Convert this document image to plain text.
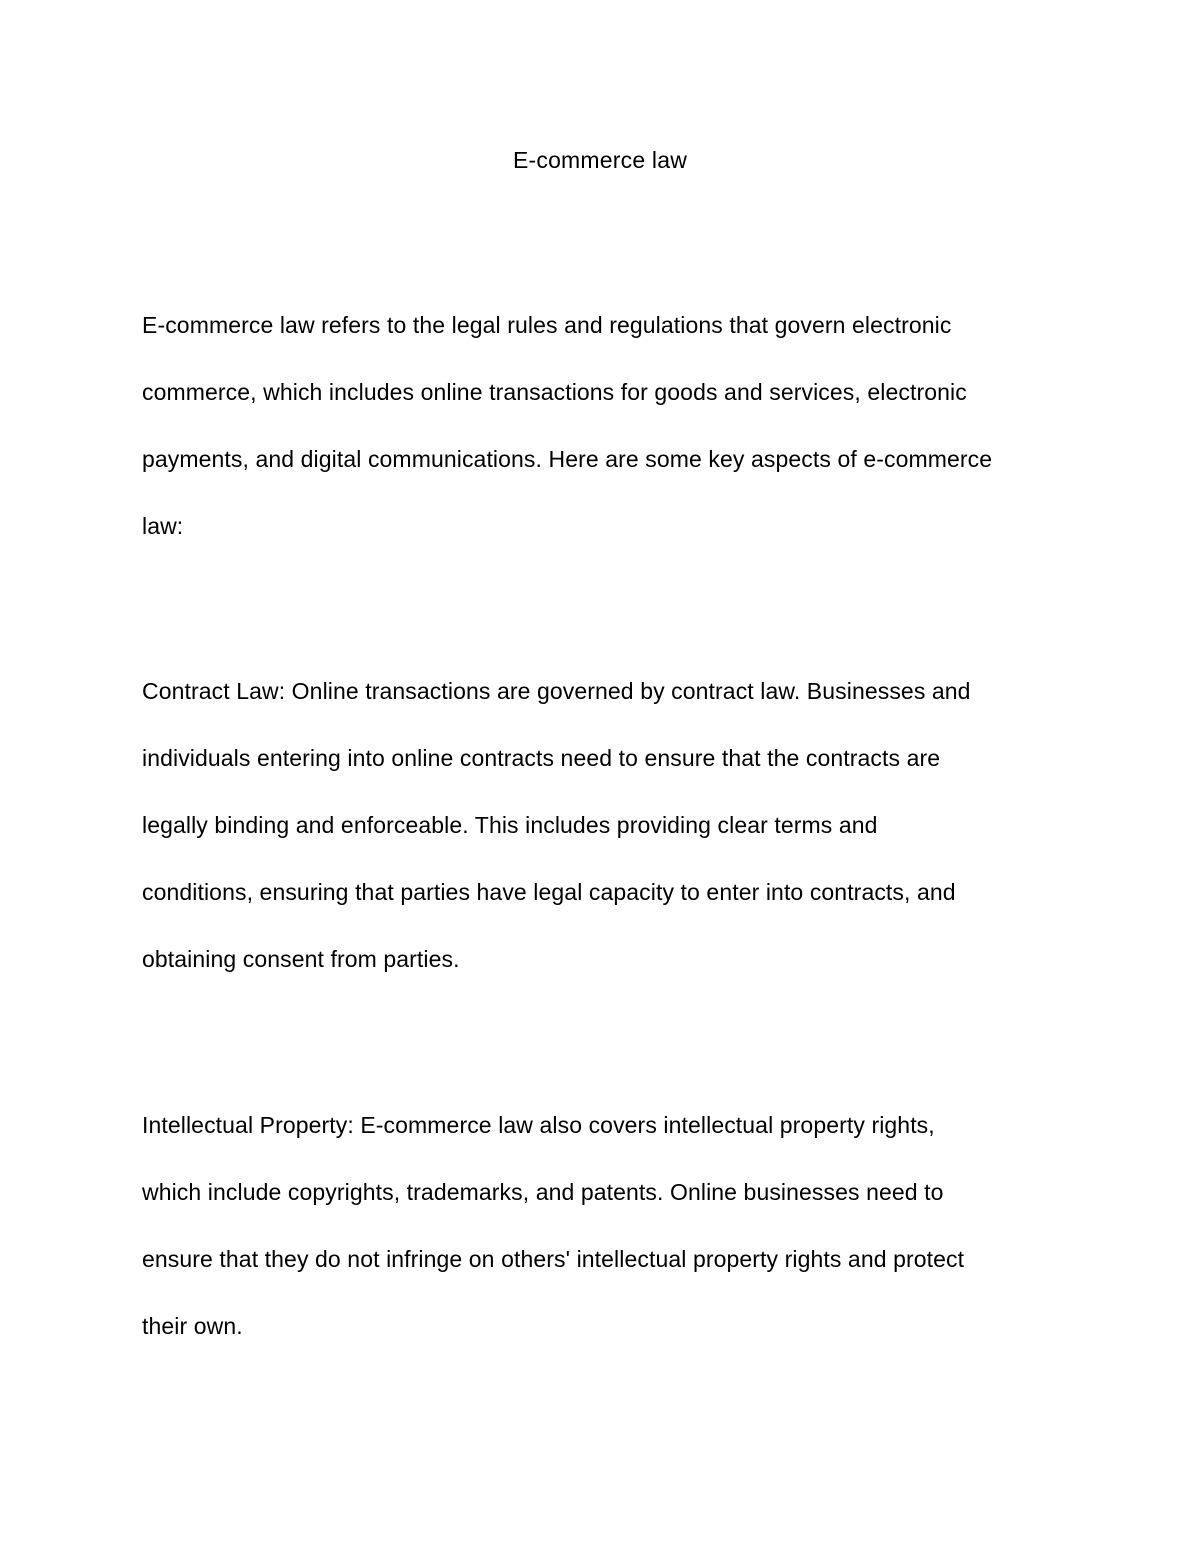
E-commerce law
E-commerce law refers to the legal rules and regulations that govern electronic
commerce, which includes online transactions for goods and services, electronic
payments, and digital communications. Here are some key aspects of e-commerce
law:
Contract Law: Online transactions are governed by contract law. Businesses and
individuals entering into online contracts need to ensure that the contracts are
legally binding and enforceable. This includes providing clear terms and
conditions, ensuring that parties have legal capacity to enter into contracts, and
obtaining consent from parties.
Intellectual Property: E-commerce law also covers intellectual property rights,
which include copyrights, trademarks, and patents. Online businesses need to
ensure that they do not infringe on others' intellectual property rights and protect
their own.
